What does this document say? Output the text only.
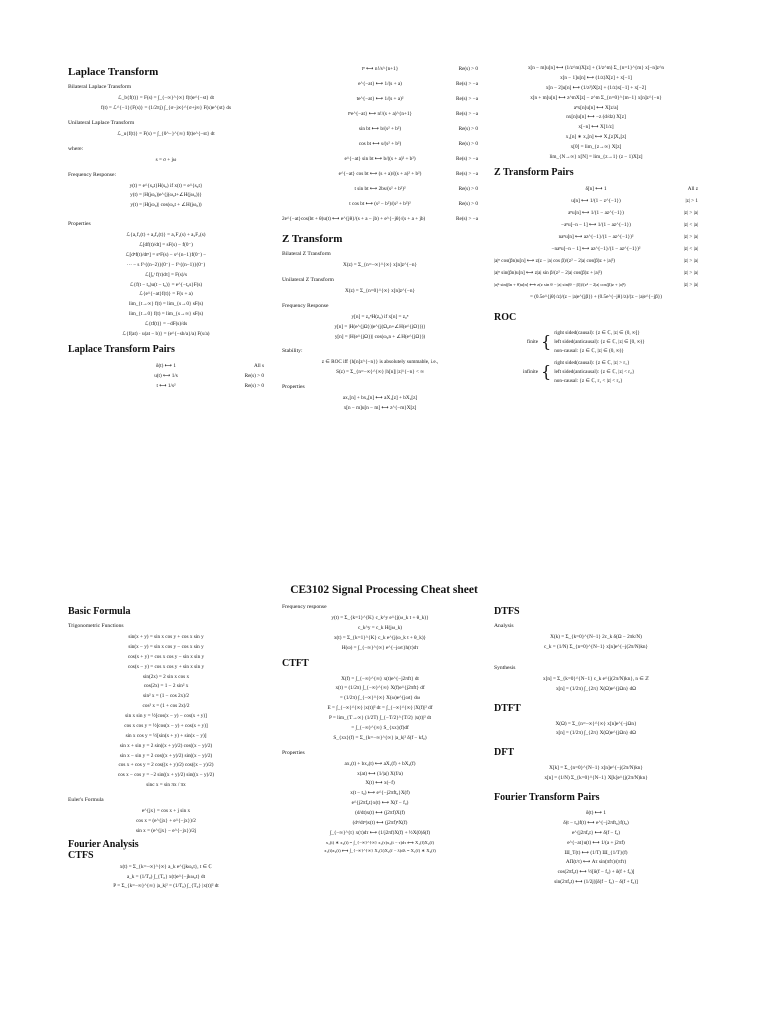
Laplace Transform
Bilateral Laplace Transform
ℒ_b{f(t)} = F(s) = ∫_{−∞}^{∞} f(t)e^{−st} dt
f(t) = ℒ^{−1}{F(s)} = (1/2πj) ∫_{σ−j∞}^{σ+j∞} F(s)e^{st} ds
Unilateral Laplace Transform
ℒ_u{f(t)} = F(s) = ∫_{0^−}^{∞} f(t)e^{−st} dt
where:
s = σ + jω
Frequency Response:
y(t) = e^{s₀t}H(s₀) if x(t) = e^{s₀t}
y(t) = |H(jω₀)|e^{j(ω₀t+∠H(jω₀))}
y(t) = |H(jω₀)| cos(ω₀t + ∠H(jω₀))
Properties
ℒ{a₁f₁(t) + a₂f₂(t)} = a₁F₁(s) + a₂F₂(s)
ℒ[df(t)/dt] = sF(s) − f(0⁻)
ℒ[dⁿf(t)/dtⁿ] = sⁿF(s) − s^{n−1}f(0⁻) −
··· − s f^{(n−2)}(0⁻) − f^{(n−1)}(0⁻)
ℒ[∫₀ᵗ f(τ)dτ] = F(s)/s
ℒ{f(t − t₀)u(t − t₀)} = e^{−t₀s}F(s)
ℒ{e^{−at}f(t)} = F(s + a)
lim_{t→∞} f(t) = lim_{s→0} sF(s)
lim_{t→0} f(t) = lim_{s→∞} sF(s)
ℒ{tf(t)} = −dF(s)/ds
ℒ{f(at) · u(at − b)} = (e^{−sb/a}/a) F(s/a)
Laplace Transform Pairs
δ(t) ⟷ 1	All s
u(t) ⟷ 1/s	Re(s) > 0
t ⟷ 1/s²	Re(s) > 0
tⁿ ⟷ n!/s^{n+1}	Re(s) > 0
e^{−at} ⟷ 1/(s + a)	Re(s) > −a
te^{−at} ⟷ 1/(s + a)²	Re(s) > −a
tⁿe^{−at} ⟷ n!/(s + a)^{n+1}	Re(s) > −a
sin bt ⟷ b/(s² + b²)	Re(s) > 0
cos bt ⟷ s/(s² + b²)	Re(s) > 0
e^{−at} sin bt ⟷ b/((s + a)² + b²)	Re(s) > −a
e^{−at} cos bt ⟷ (s + a)/((s + a)² + b²)	Re(s) > −a
t sin bt ⟷ 2bs/(s² + b²)²	Re(s) > 0
t cos bt ⟷ (s² − b²)/(s² + b²)²	Re(s) > 0
2e^{−at}cos(bt + θ)u(t) ⟷ e^{jθ}/(s + a − jb) + e^{−jθ}/(s + a + jb)	Re(s) > −a
Z Transform
Bilateral Z Transform
X(z) = Σ_{n=−∞}^{∞} x[n]z^{−n}
Unilateral Z Transform
X(z) = Σ_{n=0}^{∞} x[n]z^{−n}
Frequency Response
y[n] = z₀ⁿH(z₀) if x[n] = z₀ⁿ
y[n] = |H(e^{jΩ})|e^{j(Ω₀n+∠H(e^{jΩ}))}
y[n] = |H(e^{jΩ})| cos(ω₀n + ∠H(e^{jΩ}))
Stability:
z ∈ ROC iff {h[n]z^{−n}} is absolutely summable, i.e.,
S(z) = Σ_{n=−∞}^{∞} |h[n]| |z|^{−n} < ∞
Properties
ax₁[n] + bx₂[n] ⟷ aX₁[z] + bX₂[z]
x[n − m]u[n − m] ⟷ z^{−m}X[z]
x[n − m]u[n] ⟷ (1/z^m)X[z] + (1/z^m) Σ_{n=1}^{m} x[−n]z^n
x[n − 1]u[n] ⟷ (1/z)X[z] + x[−1]
x[n − 2]u[n] ⟷ (1/z²)X[z] + (1/z)x[−1] + x[−2]
x[n + m]u[n] ⟷ z^mX[z] − z^m Σ_{n=0}^{m−1} x[n]z^{−n}
aⁿx[n]u[n] ⟷ X[z/a]
nx[n]u[n] ⟷ −z (d/dz) X[z]
x[−n] ⟷ X[1/z]
x₁[n] ∗ x₂[n] ⟷ X₁[z]X₂[z]
x[0] = lim_{z→∞} X[z]
lim_{N→∞} x[N] = lim_{z→1} (z − 1)X[z]
Z Transform Pairs
δ[n] ⟷ 1	All z
u[n] ⟷ 1/(1 − z^{−1})	|z| > 1
aⁿu[n] ⟷ 1/(1 − az^{−1})	|z| > |a|
−aⁿu[−n − 1] ⟷ 1/(1 − az^{−1})	|z| < |a|
naⁿu[n] ⟷ az^{−1}/(1 − az^{−1})²	|z| > |a|
−naⁿu[−n − 1] ⟷ az^{−1}/(1 − az^{−1})²	|z| < |a|
|a|ⁿ cos(βn)u[n] ⟷ z(z − |a| cos β)/(z² − 2|a| cos(β)z + |a|²)	|z| > |a|
|a|ⁿ sin(βn)u[n] ⟷ z|a| sin β/(z² − 2|a| cos(β)z + |a|²)	|z| > |a|
|a|ⁿ sin(βn + θ)u[n] ⟷ z(z sin θ − |a| sin(θ − β))/(z² − 2|a| cos(β)z + |a|²)	|z| > |a|
= (0.5e^{jθ}/z)/(z − |a|e^{jβ}) + (0.5e^{−jθ}/z)/(z − |a|e^{−jβ})
ROC
finite { right sided(causal): {z ∈ ℂ, |z| ∈ (0, ∞]}
left sided(anticausal): {z ∈ ℂ, |z| ∈ [0, ∞)}
non-causal: {z ∈ ℂ, |z| ∈ (0, ∞)}
infinite { right sided(causal): {z ∈ ℂ, |z| > r₁}
left sided(anticausal): {z ∈ ℂ, |z| < r₂}
non-causal: {z ∈ ℂ, r₁ < |z| < r₂}
CE3102 Signal Processing Cheat sheet
Basic Formula
Trigonometric Functions
sin(x + y) = sin x cos y + cos x sin y
sin(x − y) = sin x cos y − cos x sin y
cos(x + y) = cos x cos y − sin x sin y
cos(x − y) = cos x cos y + sin x sin y
sin(2x) = 2 sin x cos x
cos(2x) = 1 − 2 sin² x
sin² x = (1 − cos 2x)/2
cos² x = (1 + cos 2x)/2
sin x sin y = ½[cos(x − y) − cos(x + y)]
cos x cos y = ½[cos(x − y) + cos(x + y)]
sin x cos y = ½[sin(x + y) + sin(x − y)]
sin x + sin y = 2 sin((x + y)/2) cos((x − y)/2)
sin x − sin y = 2 cos((x + y)/2) sin((x − y)/2)
cos x + cos y = 2 cos((x + y)/2) cos((x − y)/2)
cos x − cos y = −2 sin((x + y)/2) sin((x − y)/2)
sinc x = sin πx / πx
Euler's Formula
e^{jx} = cos x + j sin x
cos x = (e^{jx} + e^{−jx})/2
sin x = (e^{jx} − e^{−jx})/2j
Fourier Analysis
CTFS
x(t) = Σ_{k=−∞}^{∞} a_k e^{jkω₀t}, t ∈ ℂ
a_k = (1/T₀) ∫_{T₀} x(t)e^{−jkω₀t} dt
P = Σ_{k=−∞}^{∞} |a_k|² = (1/T₀) ∫_{T₀} |x(t)|² dt
Frequency response
y(t) = Σ_{k=1}^{K} c_k^y e^{j(ω_k t + θ_k)}
c_k^y = c_k H(jω_k)
x(t) = Σ_{k=1}^{K} c_k e^{j(ω_k t + θ_k)}
H(ω) = ∫_{−∞}^{∞} e^{−jωτ}h(τ)dτ
CTFT
X(f) = ∫_{−∞}^{∞} x(t)e^{−j2πft} dt
x(t) = (1/2π) ∫_{−∞}^{∞} X(f)e^{j2πft} df
= (1/2π) ∫_{−∞}^{∞} X(ω)e^{jωt} dω
E = ∫_{−∞}^{∞} |x(t)|² dt = ∫_{−∞}^{∞} |X(f)|² df
P = lim_{T→∞} (1/2T) ∫_{−T/2}^{T/2} |x(t)|² dt
= ∫_{−∞}^{∞} S_{xx}(f)df
S_{xx}(f) = Σ_{k=−∞}^{∞} |a_k|² δ(f − kf₀)
Properties
ax₁(t) + bx₂(t) ⟷ aX₁(f) + bX₂(f)
x(at) ⟷ (1/|a|) X(f/a)
X(t) ⟷ x(−f)
x(t − t₀) ⟷ e^{−j2πft₀}X(f)
e^{j2πf₀t}x(t) ⟷ X(f − f₀)
(d/dt)x(t) ⟷ (j2πf)X(f)
(dⁿ/dtⁿ)x(t) ⟷ (j2πf)ⁿX(f)
∫_{−∞}^{t} x(τ)dτ ⟷ (1/j2πf)X(f) + ½X(0)δ(f)
x₁(t) ∗ x₂(t) = ∫_{−∞}^{∞} x₁(τ)x₂(t − τ)dτ ⟷ X₁(f)X₂(f)
x₁(t)x₂(t) ⟷ ∫_{−∞}^{∞} X₁(λ)X₂(f − λ)dλ = X₁(f) ∗ X₂(f)
DTFS
Analysis
X(k) = Σ_{k=0}^{N−1} 2c_k δ(Ω − 2πk/N)
c_k = (1/N) Σ_{n=0}^{N−1} x[n]e^{−j(2π/N)kn}
Synthesis
x[n] = Σ_{k=0}^{N−1} c_k e^{j(2π/N)kn}, n ∈ ℤ
x[n] = (1/2π) ∫_{2π} X(Ω)e^{jΩn} dΩ
DTFT
X(Ω) = Σ_{n=−∞}^{∞} x[n]e^{−jΩn}
x[n] = (1/2π) ∫_{2π} X(Ω)e^{jΩn} dΩ
DFT
X[k] = Σ_{n=0}^{N−1} x[n]e^{−j(2π/N)kn}
x[n] = (1/N) Σ_{k=0}^{N−1} X[k]e^{j(2π/N)kn}
Fourier Transform Pairs
δ(t) ⟷ 1
δ(t − t₀)f(t) ⟷ e^{−j2πft₀}f(t₀)
e^{j2πf₀t} ⟷ δ(f − f₀)
e^{−at}u(t) ⟷ 1/(a + j2πf)
Ш_T(t) ⟷ (1/T) Ш_{1/T}(f)
AΠ(t/τ) ⟷ Aτ sin(πfτ)/(πfτ)
cos(2πf₀t) ⟷ ½[δ(f − f₀) + δ(f + f₀)]
sin(2πf₀t) ⟷ (1/2j)[δ(f − f₀) − δ(f + f₀)]
